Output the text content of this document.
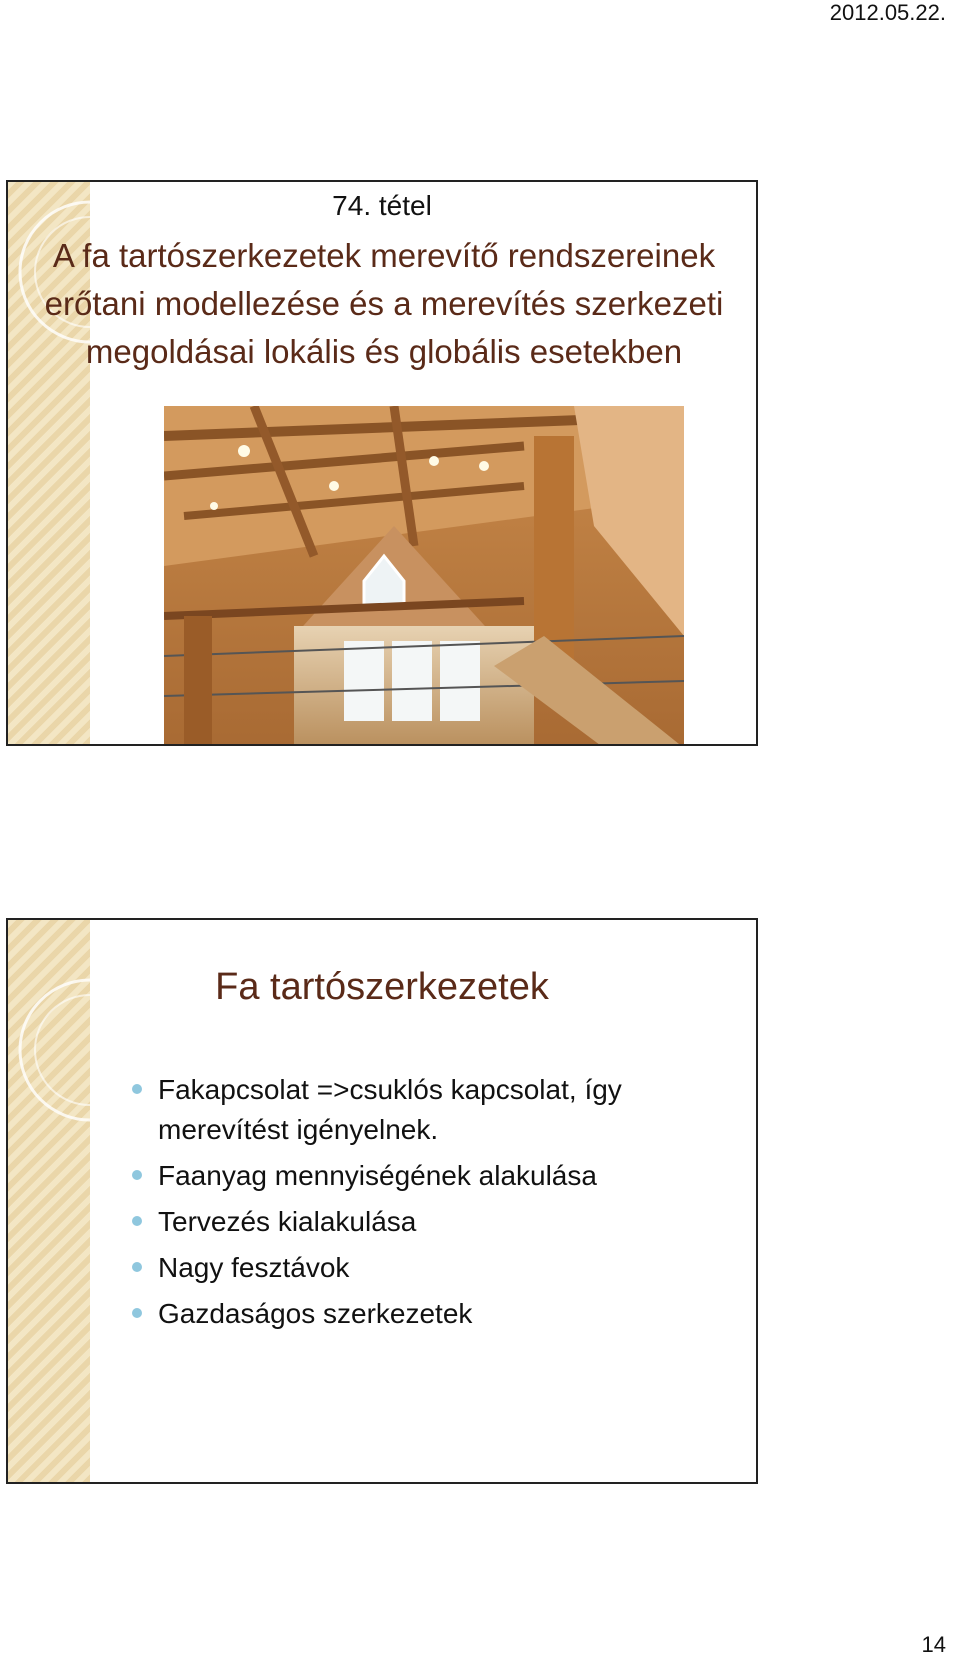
2012.05.22.
74. tétel
A fa tartószerkezetek merevítő rendszereinek
erőtani modellezése és a merevítés szerkezeti
megoldásai lokális és globális esetekben
Fa tartószerkezetek
Fakapcsolat =>csuklós kapcsolat, így
merevítést igényelnek.
Faanyag mennyiségének alakulása
Tervezés kialakulása
Nagy fesztávok
Gazdaságos szerkezetek
14
